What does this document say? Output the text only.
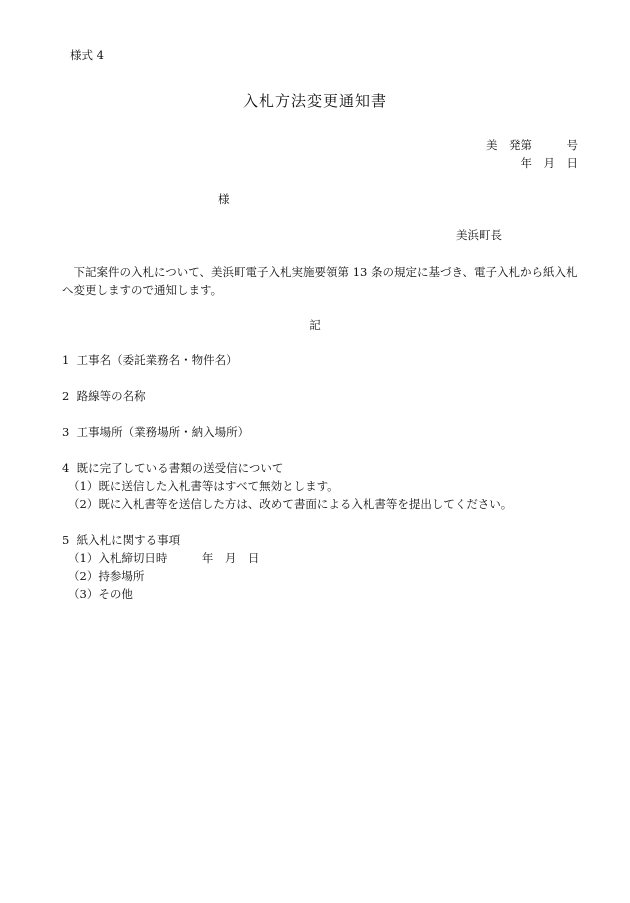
様式 4
入札方法変更通知書
美　発第　　　号
年　月　日
様
美浜町長
　下記案件の入札について、美浜町電子入札実施要領第 13 条の規定に基づき、電子入札から紙入札へ変更しますので通知します。
記
1  工事名（委託業務名・物件名）
2  路線等の名称
3  工事場所（業務場所・納入場所）
4  既に完了している書類の送受信について
（1）既に送信した入札書等はすべて無効とします。
（2）既に入札書等を送信した方は、改めて書面による入札書等を提出してください。
5  紙入札に関する事項
（1）入札締切日時　　　年　月　日
（2）持参場所
（3）その他
